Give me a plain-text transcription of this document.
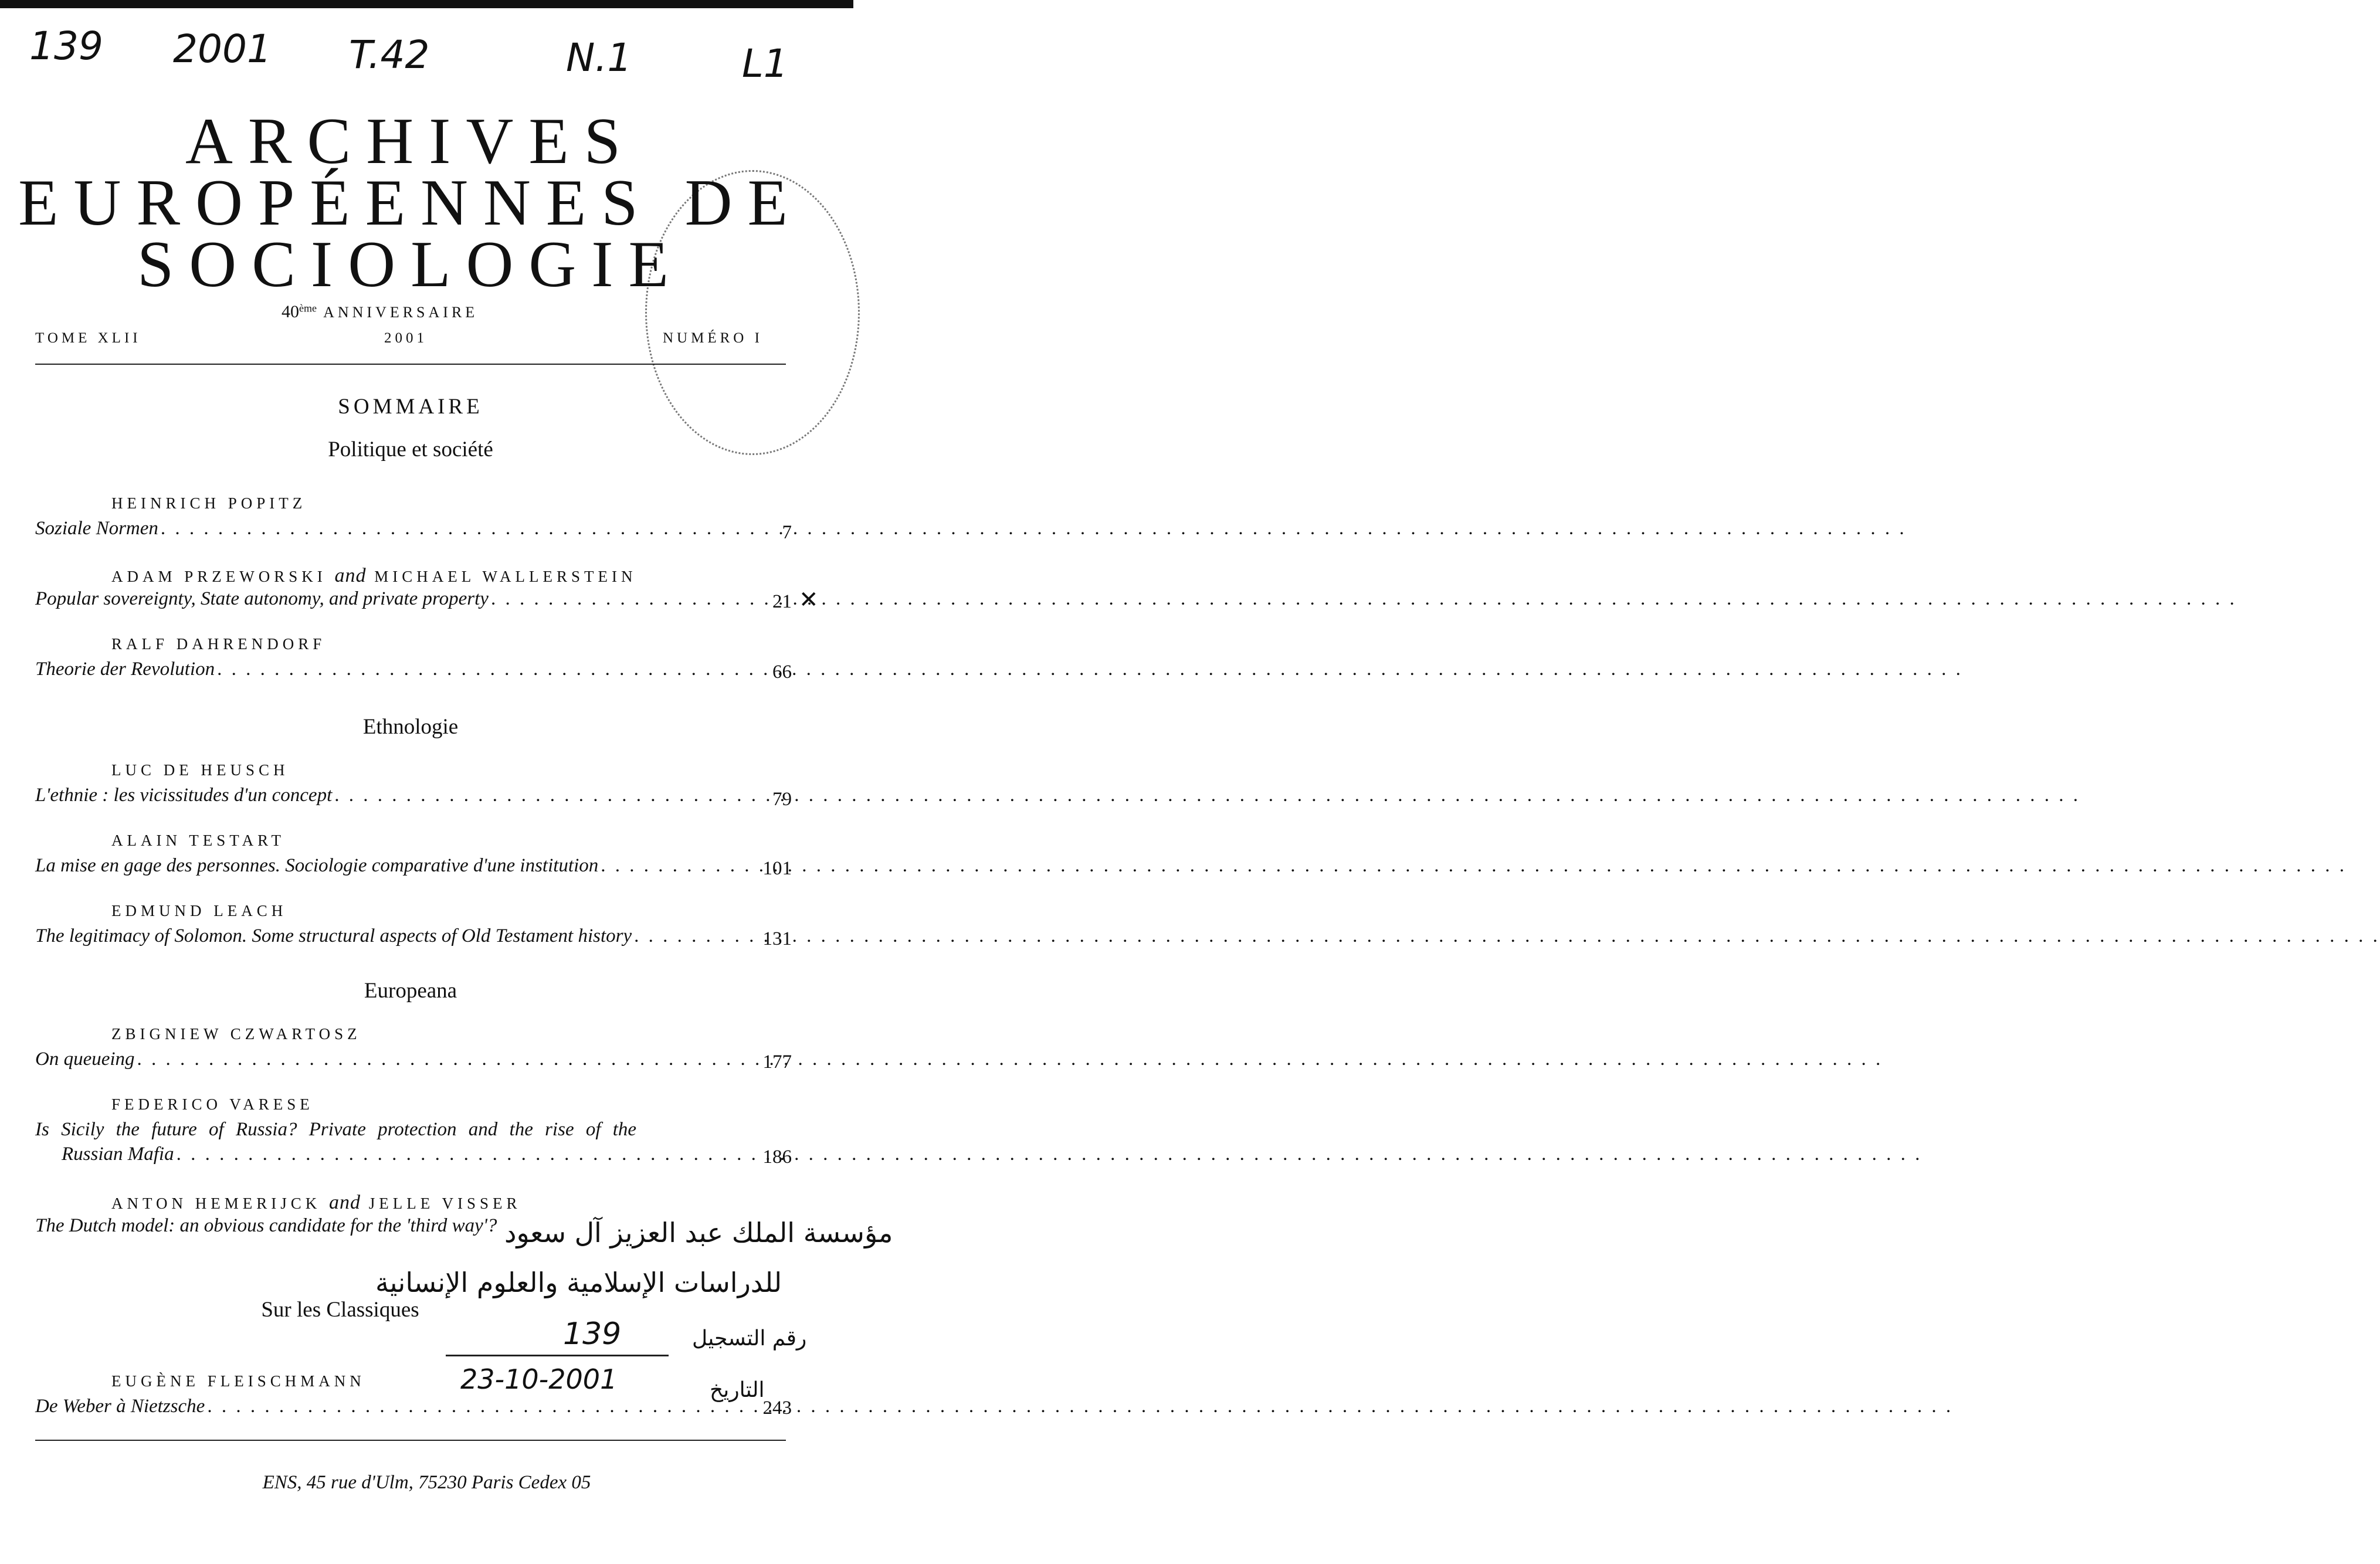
139 2001 T.42	N.1	L1
ARCHIVES
EUROPÉENNES DE
SOCIOLOGIE
40ème ANNIVERSAIRE
TOME XLII	2001	NUMÉRO I
SOMMAIRE
Politique et société
HEINRICH POPITZ
Soziale Normen . . .	7
ADAM PRZEWORSKI and MICHAEL WALLERSTEIN
Popular sovereignty, State autonomy, and private property . . .	21 ✕
RALF DAHRENDORF
Theorie der Revolution . . .	66
Ethnologie
LUC DE HEUSCH
L'ethnie : les vicissitudes d'un concept . . .	79
ALAIN TESTART
La mise en gage des personnes. Sociologie comparative d'une institution . . .	101
EDMUND LEACH
The legitimacy of Solomon. Some structural aspects of Old Testament history . . .	131
Europeana
ZBIGNIEW CZWARTOSZ
On queueing . . .	177
FEDERICO VARESE
Is Sicily the future of Russia? Private protection and the rise of the
Russian Mafia . . .	186
ANTON HEMERIJCK and JELLE VISSER
The Dutch model: an obvious candidate for the 'third way'? مؤسسة الملك عبد العزيز آل سعود
للدراسات الإسلامية والعلوم الإنسانية
Sur les Classiques
139	رقم التسجيل
EUGÈNE FLEISCHMANN	23-10-2001	التاريخ
De Weber à Nietzsche . . .	243
ENS, 45 rue d'Ulm, 75230 Paris Cedex 05
